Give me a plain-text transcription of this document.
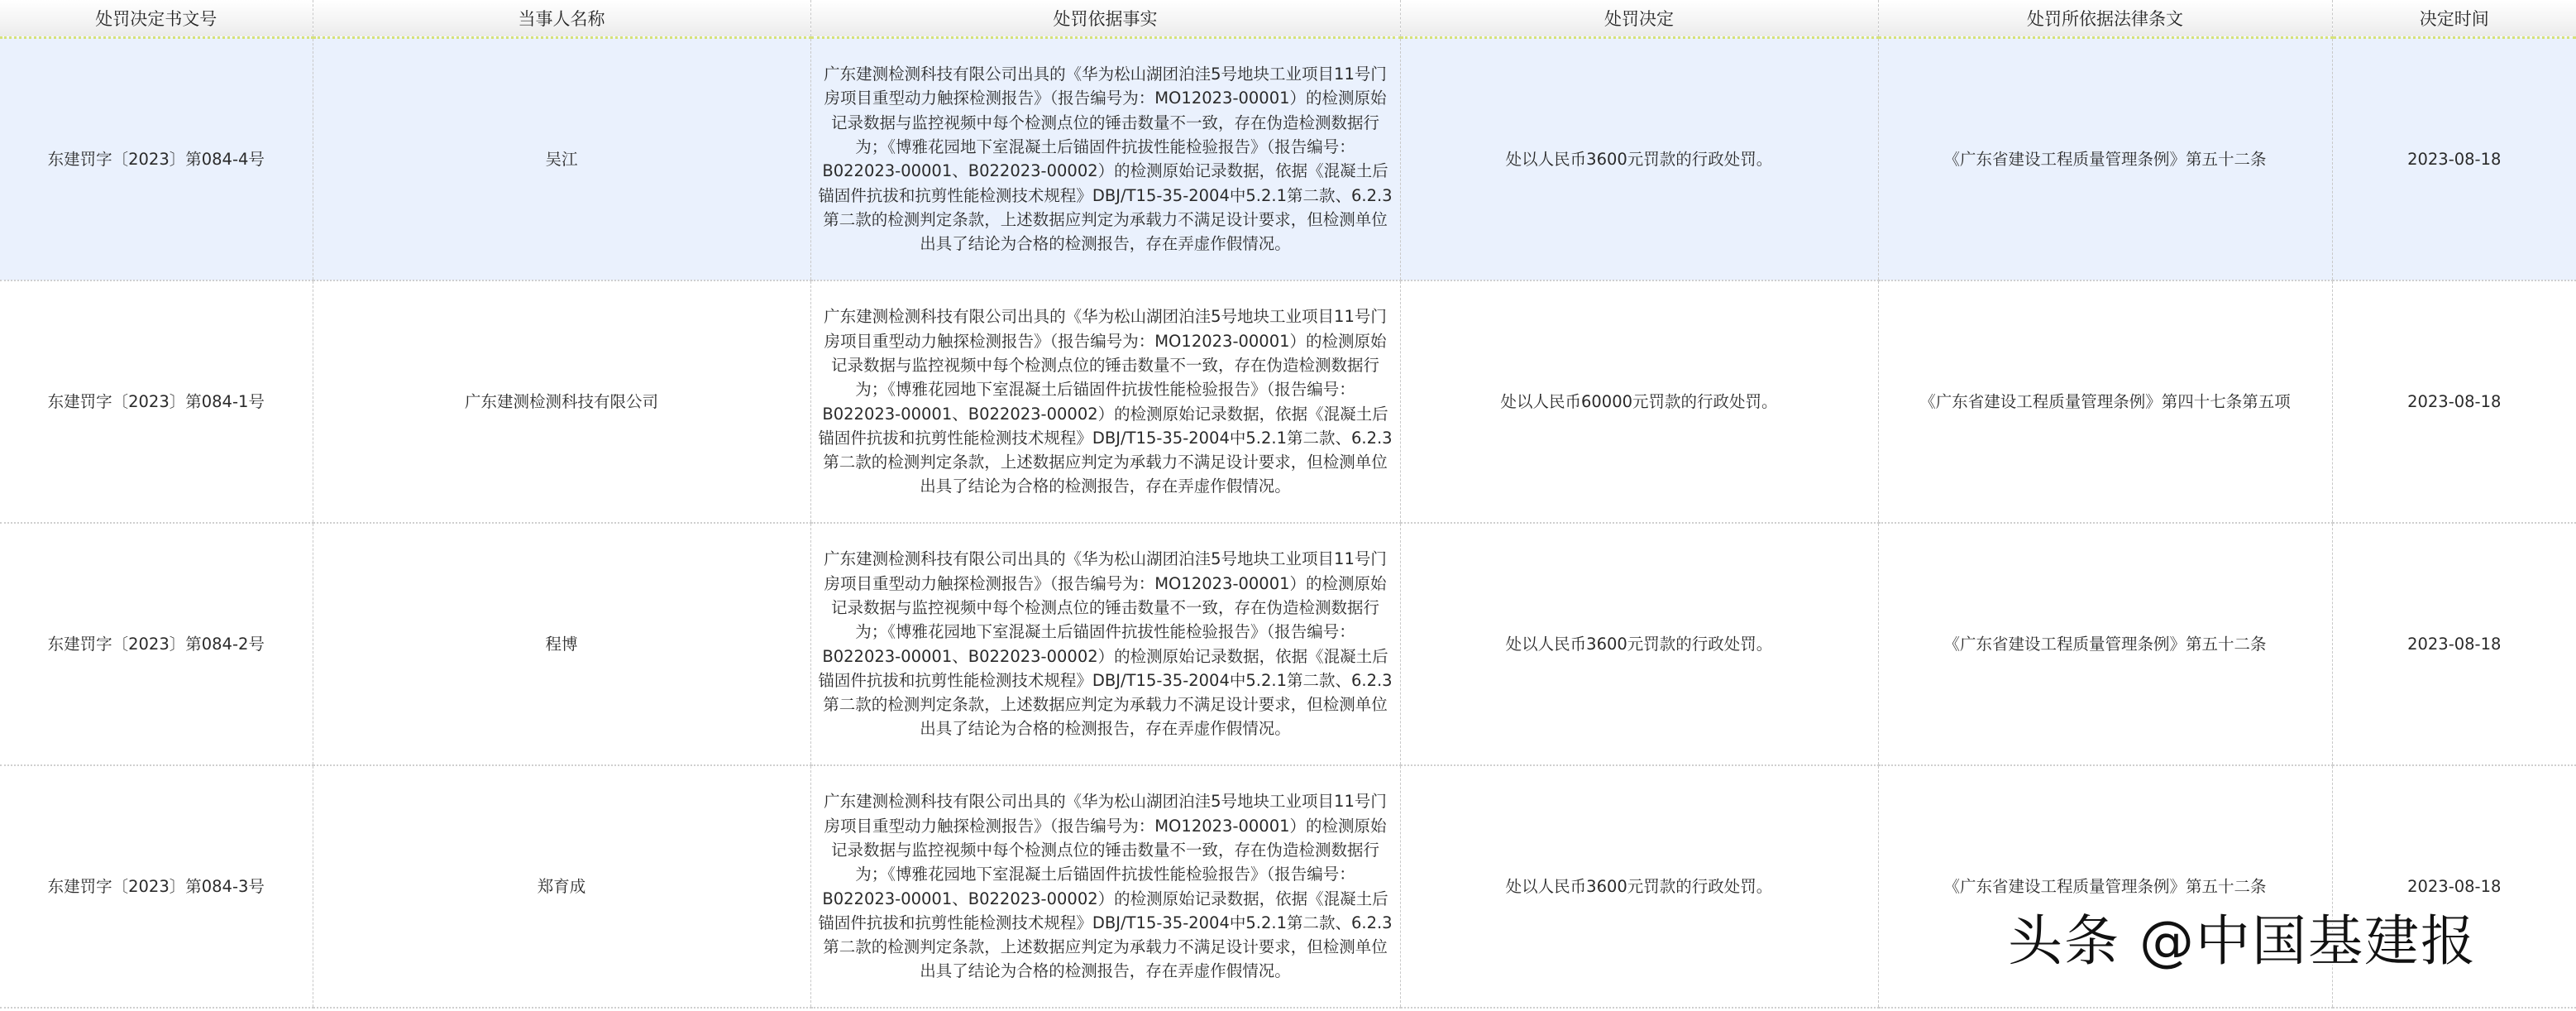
处罚决定书文号	当事人名称	处罚依据事实	处罚决定	处罚所依据法律条文	决定时间
东建罚字〔2023〕第084-4号	吴江	广东建测检测科技有限公司出具的《华为松山湖团泊洼5号地块工业项目11号门房项目重型动力触探检测报告》（报告编号为：MO12023-00001）的检测原始记录数据与监控视频中每个检测点位的锤击数量不一致，存在伪造检测数据行为；《博雅花园地下室混凝土后锚固件抗拔性能检验报告》（报告编号：B022023-00001、B022023-00002）的检测原始记录数据，依据《混凝土后锚固件抗拔和抗剪性能检测技术规程》DBJ/T15-35-2004中5.2.1第二款、6.2.3第二款的检测判定条款，上述数据应判定为承载力不满足设计要求，但检测单位出具了结论为合格的检测报告，存在弄虚作假情况。	处以人民币3600元罚款的行政处罚。	《广东省建设工程质量管理条例》第五十二条	2023-08-18
东建罚字〔2023〕第084-1号	广东建测检测科技有限公司	广东建测检测科技有限公司出具的《华为松山湖团泊洼5号地块工业项目11号门房项目重型动力触探检测报告》（报告编号为：MO12023-00001）的检测原始记录数据与监控视频中每个检测点位的锤击数量不一致，存在伪造检测数据行为；《博雅花园地下室混凝土后锚固件抗拔性能检验报告》（报告编号：B022023-00001、B022023-00002）的检测原始记录数据，依据《混凝土后锚固件抗拔和抗剪性能检测技术规程》DBJ/T15-35-2004中5.2.1第二款、6.2.3第二款的检测判定条款，上述数据应判定为承载力不满足设计要求，但检测单位出具了结论为合格的检测报告，存在弄虚作假情况。	处以人民币60000元罚款的行政处罚。	《广东省建设工程质量管理条例》第四十七条第五项	2023-08-18
东建罚字〔2023〕第084-2号	程博	广东建测检测科技有限公司出具的《华为松山湖团泊洼5号地块工业项目11号门房项目重型动力触探检测报告》（报告编号为：MO12023-00001）的检测原始记录数据与监控视频中每个检测点位的锤击数量不一致，存在伪造检测数据行为；《博雅花园地下室混凝土后锚固件抗拔性能检验报告》（报告编号：B022023-00001、B022023-00002）的检测原始记录数据，依据《混凝土后锚固件抗拔和抗剪性能检测技术规程》DBJ/T15-35-2004中5.2.1第二款、6.2.3第二款的检测判定条款，上述数据应判定为承载力不满足设计要求，但检测单位出具了结论为合格的检测报告，存在弄虚作假情况。	处以人民币3600元罚款的行政处罚。	《广东省建设工程质量管理条例》第五十二条	2023-08-18
东建罚字〔2023〕第084-3号	郑育成	广东建测检测科技有限公司出具的《华为松山湖团泊洼5号地块工业项目11号门房项目重型动力触探检测报告》（报告编号为：MO12023-00001）的检测原始记录数据与监控视频中每个检测点位的锤击数量不一致，存在伪造检测数据行为；《博雅花园地下室混凝土后锚固件抗拔性能检验报告》（报告编号：B022023-00001、B022023-00002）的检测原始记录数据，依据《混凝土后锚固件抗拔和抗剪性能检测技术规程》DBJ/T15-35-2004中5.2.1第二款、6.2.3第二款的检测判定条款，上述数据应判定为承载力不满足设计要求，但检测单位出具了结论为合格的检测报告，存在弄虚作假情况。	处以人民币3600元罚款的行政处罚。	《广东省建设工程质量管理条例》第五十二条	2023-08-18
头条 @中国基建报
